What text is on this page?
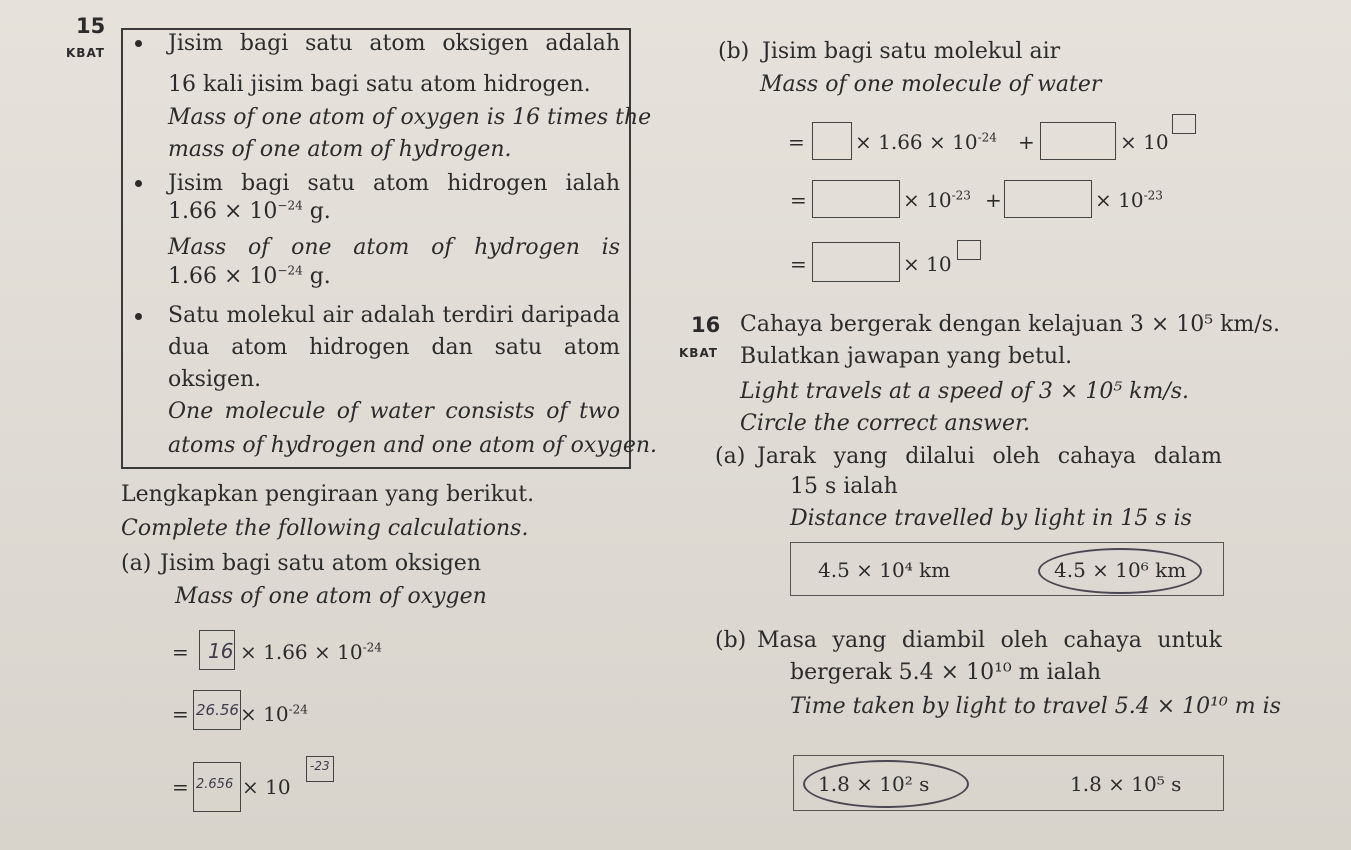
15
KBAT	Jisim bagi satu atom oksigen adalah
16 kali jisim bagi satu atom hidrogen.
Mass of one atom of oxygen is 16 times the
mass of one atom of hydrogen.
Jisim bagi satu atom hidrogen ialah
$1.66 \times 10^{-24}$ g.
Mass of one atom of hydrogen is
$1.66 \times 10^{-24}$ g.
Satu molekul air adalah terdiri daripada
dua atom hidrogen dan satu atom
oksigen.
One molecule of water consists of two
atoms of hydrogen and one atom of oxygen.
Lengkapkan pengiraan yang berikut.
Complete the following calculations.
(a) Jisim bagi satu atom oksigen
Mass of one atom of oxygen
= $16 \times 1.66 \times 10^{-24}$
= $26.56 \times 10^{-24}$
= 2.656 × 10
-23
(b) Jisim bagi satu molekul air
Mass of one molecule of water
=	× $1.66 \times 10^{-24}$ +	× 10
=	× $10^{-23}$ +	× $10^{-23}$
=	× 10
16
KBAT
Cahaya bergerak dengan kelajuan 3 × 10⁵ km/s.
Bulatkan jawapan yang betul.
Light travels at a speed of 3 × 10⁵ km/s.
Circle the correct answer.
(a) Jarak yang dilalui oleh cahaya dalam
15 s ialah
Distance travelled by light in 15 s is
4.5 × 10⁴ km	4.5 × 10⁶ km
(b) Masa yang diambil oleh cahaya untuk
bergerak 5.4 × 10¹⁰ m ialah
Time taken by light to travel 5.4 × 10¹⁰ m is
1.8 × 10² s	1.8 × 10⁵ s
